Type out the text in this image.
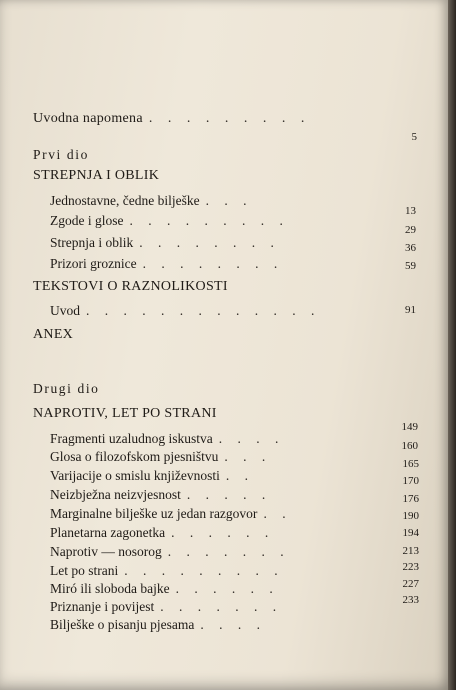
Uvodna napomena . . . . . . . . .
Prvi dio
STREPNJA I OBLIK
Jednostavne, čedne bilješke . . .
Zgode i glose . . . . . . . . .
Strepnja i oblik . . . . . . . .
Prizori groznice . . . . . . . .
TEKSTOVI O RAZNOLIKOSTI
Uvod . . . . . . . . . . . . .
ANEX
Drugi dio
NAPROTIV, LET PO STRANI
Fragmenti uzaludnog iskustva . . . .
Glosa o filozofskom pjesništvu . . .
Varijacije o smislu književnosti . .
Neizbježna neizvjesnost . . . . .
Marginalne bilješke uz jedan razgovor . .
Planetarna zagonetka . . . . . .
Naprotiv — nosorog . . . . . . .
Let po strani . . . . . . . . .
Miró ili sloboda bajke . . . . . .
Priznanje i povijest . . . . . . .
Bilješke o pisanju pjesama . . . .
5
13
29
36
59
91
149
160
165
170
176
190
194
213
223
227
233
